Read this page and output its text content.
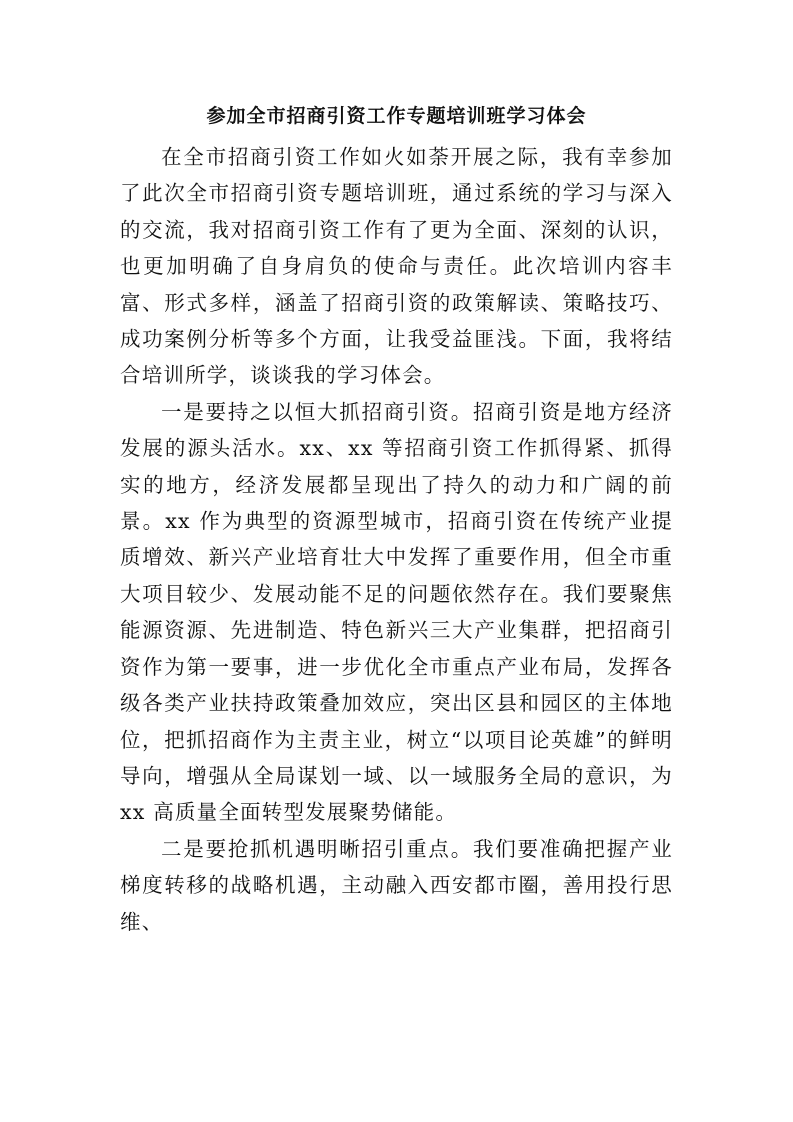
参加全市招商引资工作专题培训班学习体会

在全市招商引资工作如火如荼开展之际，我有幸参加了此次全市招商引资专题培训班，通过系统的学习与深入的交流，我对招商引资工作有了更为全面、深刻的认识，也更加明确了自身肩负的使命与责任。此次培训内容丰富、形式多样，涵盖了招商引资的政策解读、策略技巧、成功案例分析等多个方面，让我受益匪浅。下面，我将结合培训所学，谈谈我的学习体会。

一是要持之以恒大抓招商引资。招商引资是地方经济发展的源头活水。xx、xx 等招商引资工作抓得紧、抓得实的地方，经济发展都呈现出了持久的动力和广阔的前景。xx 作为典型的资源型城市，招商引资在传统产业提质增效、新兴产业培育壮大中发挥了重要作用，但全市重大项目较少、发展动能不足的问题依然存在。我们要聚焦能源资源、先进制造、特色新兴三大产业集群，把招商引资作为第一要事，进一步优化全市重点产业布局，发挥各级各类产业扶持政策叠加效应，突出区县和园区的主体地位，把抓招商作为主责主业，树立“以项目论英雄”的鲜明导向，增强从全局谋划一域、以一域服务全局的意识，为 xx 高质量全面转型发展聚势储能。

二是要抢抓机遇明晰招引重点。我们要准确把握产业梯度转移的战略机遇，主动融入西安都市圈，善用投行思维、
